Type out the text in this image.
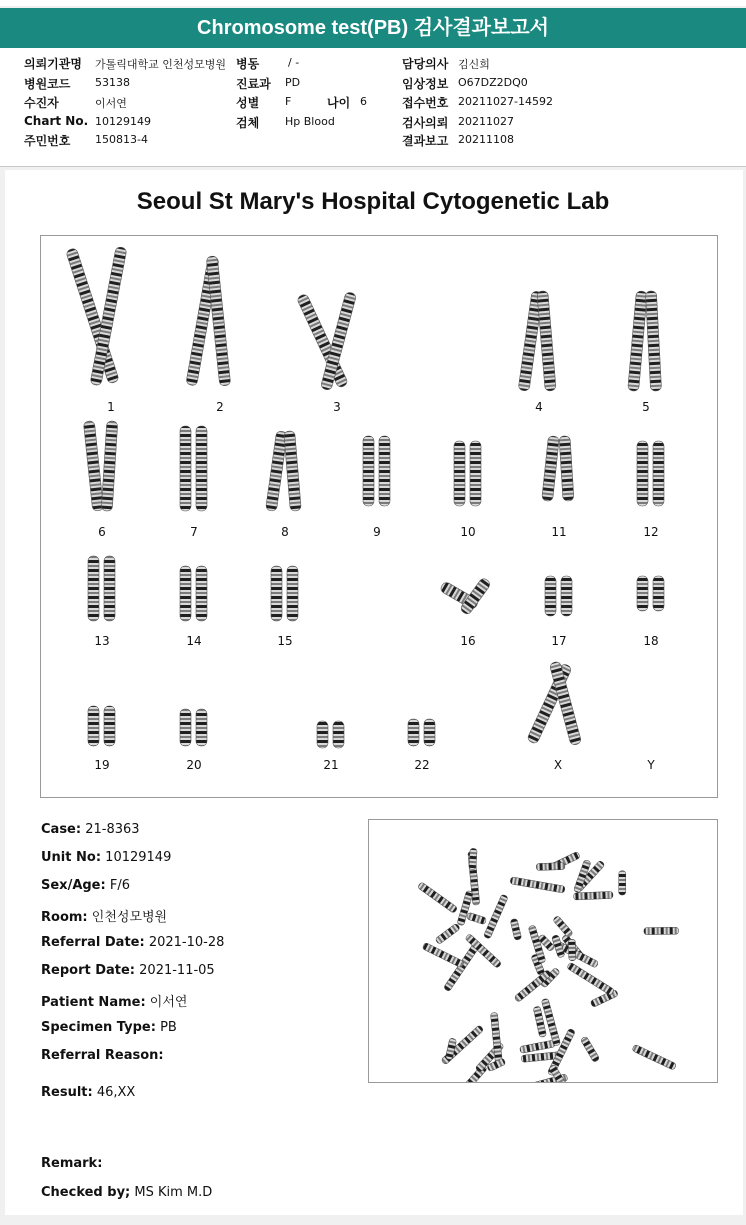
Chromosome test(PB) 검사결과보고서
의뢰기관명 가톨릭대학교 인천성모병원
병원코드 53138
수진자	이서연
Chart No. 10129149
주민번호 150813-4
병동	/ -
진료과 PD
성별 F	나이 6
검체 Hp Blood
담당의사 김신희
임상정보 O67DZ2DQ0
접수번호 20211027-14592
검사의뢰 20211027
결과보고 20211108
Seoul St Mary's Hospital Cytogenetic Lab
1	2	3	4	5
6	7	8	9	10	11	12
13	14	15	16	17	18
19	20	21	22	X	Y
Case: 21-8363
Unit No: 10129149
Sex/Age: F/6
Room: 인천성모병원
Referral Date: 2021-10-28
Report Date: 2021-11-05
Patient Name: 이서연
Specimen Type: PB
Referral Reason:
Result: 46,XX
Remark:
Checked by; MS Kim M.D
